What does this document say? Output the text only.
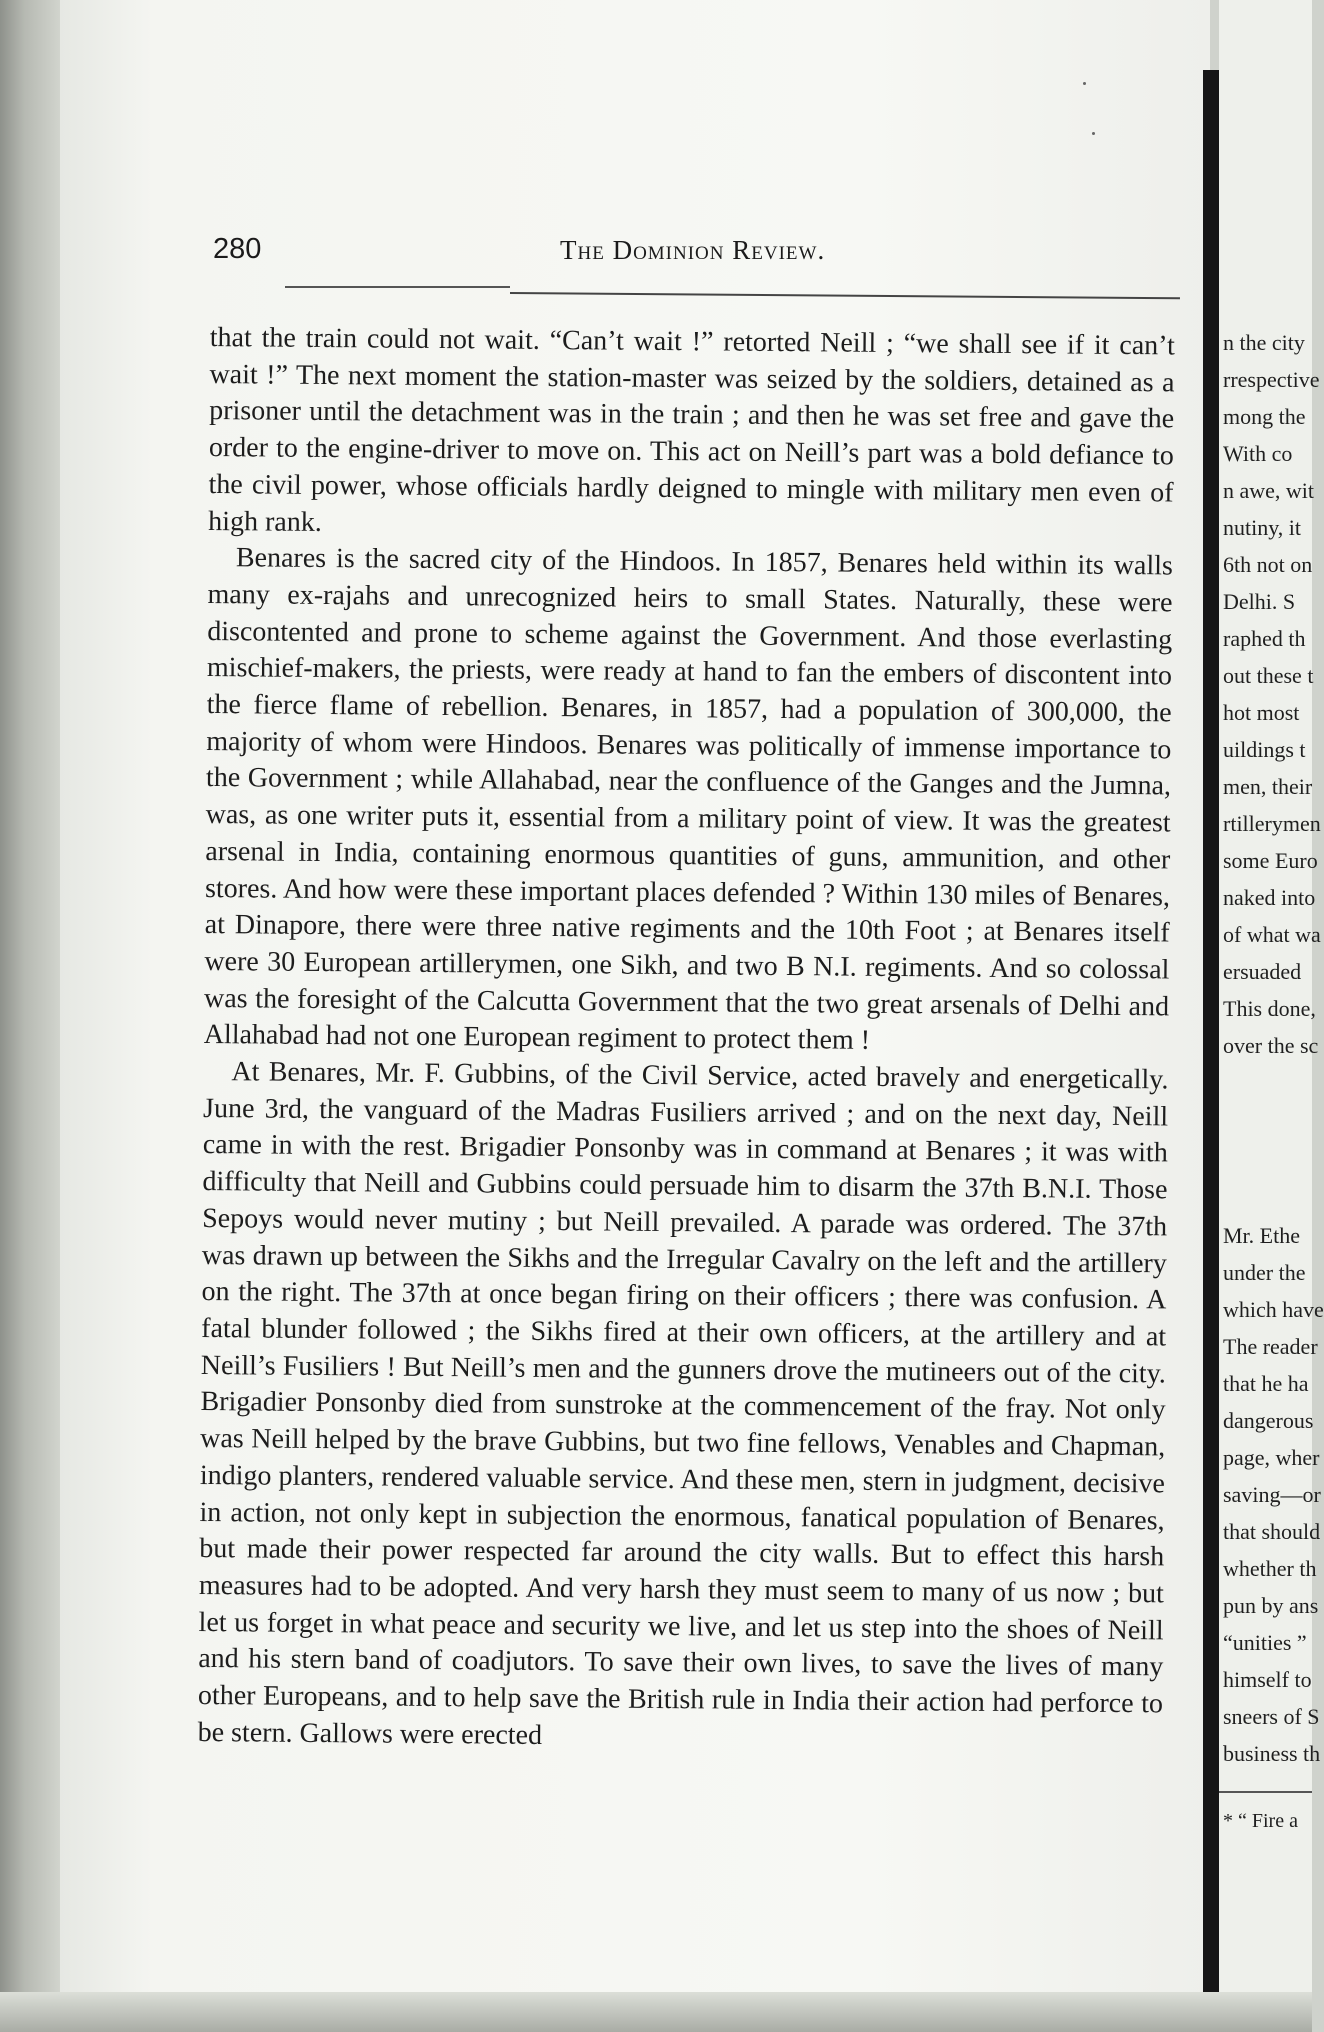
280	The Dominion Review.

that the train could not wait. “Can’t wait !” retorted Neill ; “we shall see if it can’t wait !” The next moment the station-master was seized by the soldiers, detained as a prisoner until the detachment was in the train ; and then he was set free and gave the order to the engine-driver to move on. This act on Neill’s part was a bold defiance to the civil power, whose officials hardly deigned to mingle with military men even of high rank.

Benares is the sacred city of the Hindoos. In 1857, Benares held within its walls many ex-rajahs and unrecognized heirs to small States. Naturally, these were discontented and prone to scheme against the Government. And those everlasting mischief-makers, the priests, were ready at hand to fan the embers of discontent into the fierce flame of rebellion. Benares, in 1857, had a population of 300,000, the majority of whom were Hindoos. Benares was politically of immense importance to the Government ; while Allahabad, near the confluence of the Ganges and the Jumna, was, as one writer puts it, essential from a military point of view. It was the greatest arsenal in India, containing enormous quantities of guns, ammunition, and other stores. And how were these important places defended ? Within 130 miles of Benares, at Dinapore, there were three native regiments and the 10th Foot ; at Benares itself were 30 European artillerymen, one Sikh, and two B N.I. regiments. And so colossal was the foresight of the Calcutta Government that the two great arsenals of Delhi and Allahabad had not one European regiment to protect them !

At Benares, Mr. F. Gubbins, of the Civil Service, acted bravely and energetically. June 3rd, the vanguard of the Madras Fusiliers arrived ; and on the next day, Neill came in with the rest. Brigadier Ponsonby was in command at Benares ; it was with difficulty that Neill and Gubbins could persuade him to disarm the 37th B.N.I. Those Sepoys would never mutiny ; but Neill prevailed. A parade was ordered. The 37th was drawn up between the Sikhs and the Irregular Cavalry on the left and the artillery on the right. The 37th at once began firing on their officers ; there was confusion. A fatal blunder followed ; the Sikhs fired at their own officers, at the artillery and at Neill’s Fusiliers ! But Neill’s men and the gunners drove the mutineers out of the city. Brigadier Ponsonby died from sunstroke at the commencement of the fray. Not only was Neill helped by the brave Gubbins, but two fine fellows, Venables and Chapman, indigo planters, rendered valuable service. And these men, stern in judgment, decisive in action, not only kept in subjection the enormous, fanatical population of Benares, but made their power respected far around the city walls. But to effect this harsh measures had to be adopted. And very harsh they must seem to many of us now ; but let us forget in what peace and security we live, and let us step into the shoes of Neill and his stern band of coadjutors. To save their own lives, to save the lives of many other Europeans, and to help save the British rule in India their action had perforce to be stern. Gallows were erected

n the city
rrespective
mong the
With co
n awe, wit
nutiny, it
6th not on
Delhi. S
raphed th
out these t
hot most
uildings t
men, their
rtillerymen
some Euro
naked into
of what wa
ersuaded
This done,
over the sc
Mr. Ethe
under the
which have
The reader
that he ha
dangerous
page, wher
saving—or
that should
whether th
pun by ans
“unities ”
himself to
sneers of S
business th
* “ Fire a
